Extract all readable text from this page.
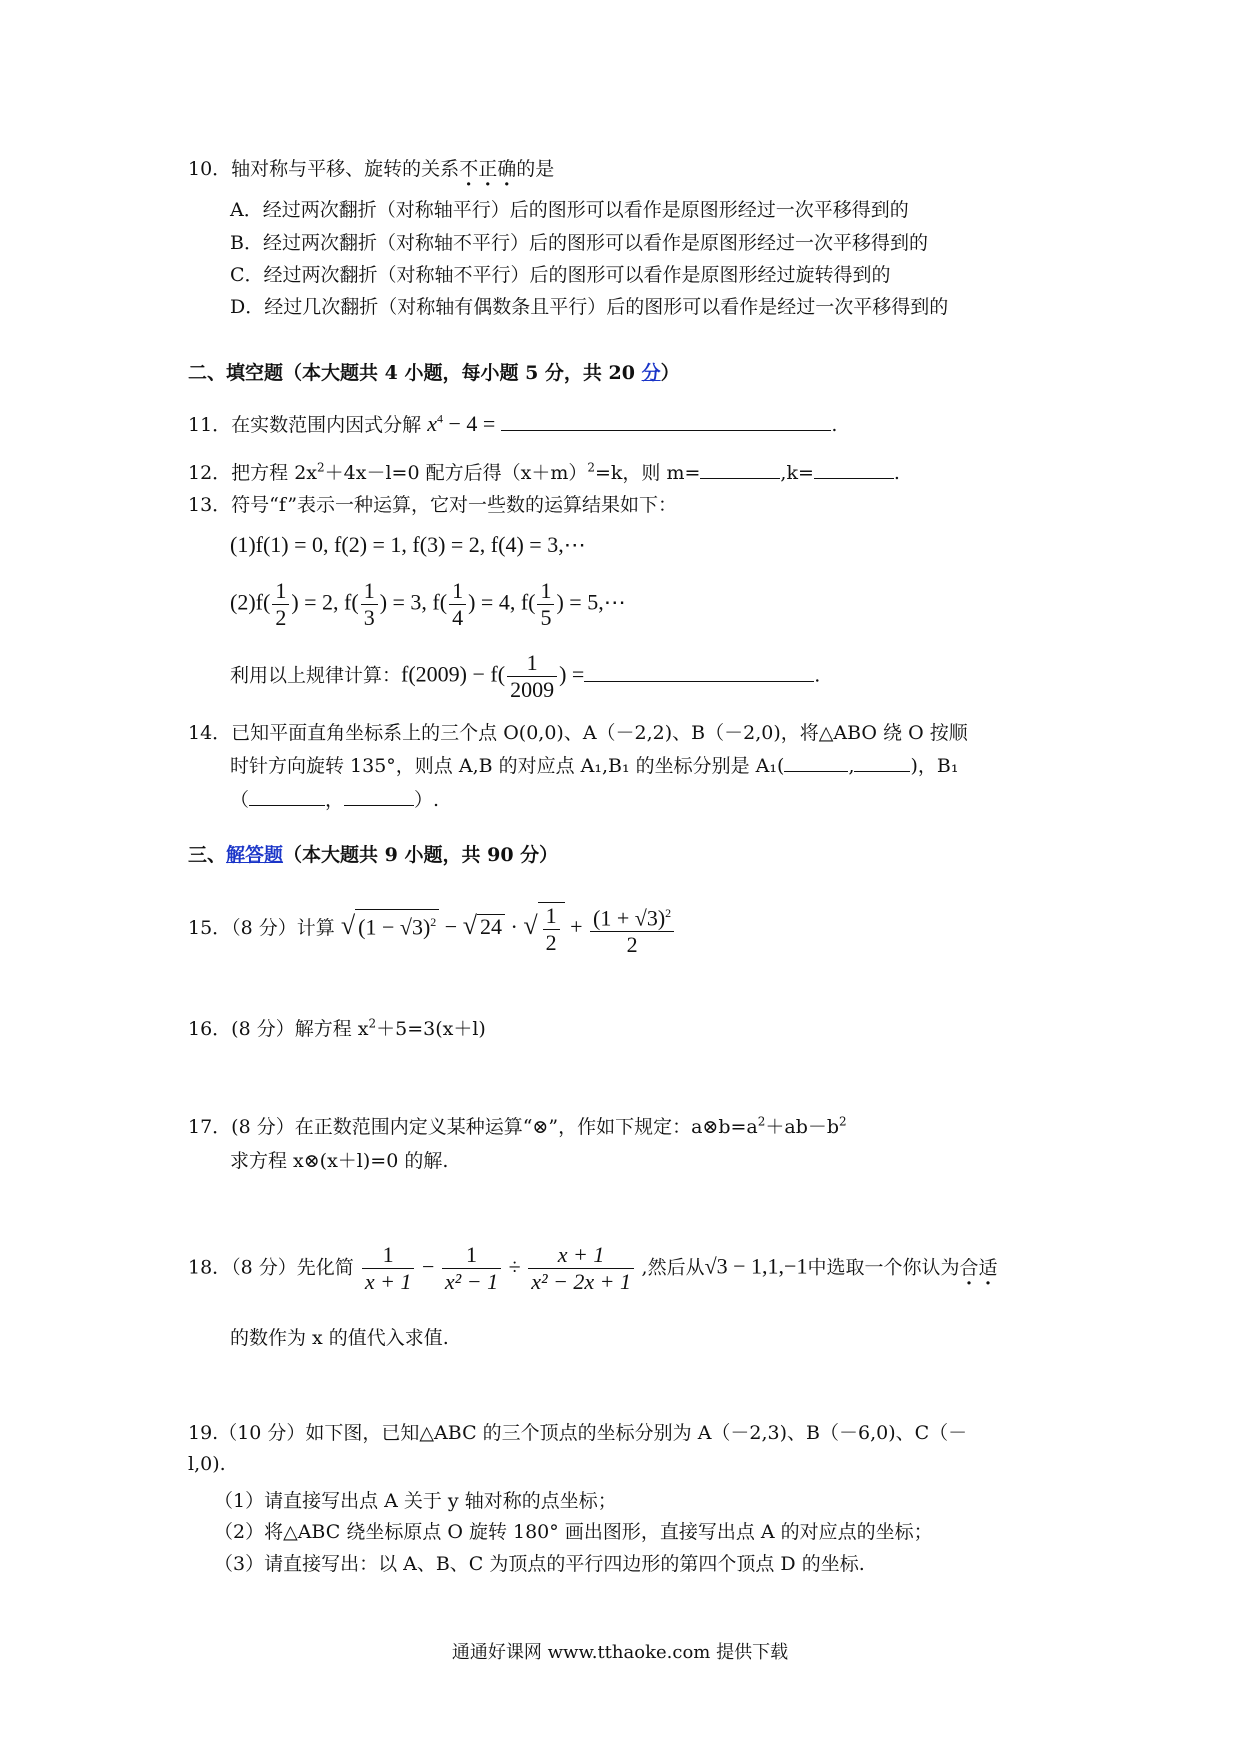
10．轴对称与平移、旋转的关系不正确的是
A．经过两次翻折（对称轴平行）后的图形可以看作是原图形经过一次平移得到的
B．经过两次翻折（对称轴不平行）后的图形可以看作是原图形经过一次平移得到的
C．经过两次翻折（对称轴不平行）后的图形可以看作是原图形经过旋转得到的
D．经过几次翻折（对称轴有偶数条且平行）后的图形可以看作是经过一次平移得到的
二、填空题（本大题共 4 小题，每小题 5 分，共 20 分）
11．在实数范围内因式分解 $x^4 - 4$ =	.
12．把方程 $2x^2+4x-l=0$ 配方后得$(x+m)^2=k$，则 m=	,k=	.
13．符号“f”表示一种运算，它对一些数的运算结果如下：
(1)f(1) = 0, f(2) = 1, f(3) = 2, f(4) = 3,⋯
$(2)f( \frac{1}{2}$ ) = 2, $f( \frac{1}{3}$ ) = 3, $f( \frac{1}{4}$ ) = 4, $f( \frac{1}{5}$ ) = 5,⋯
利用以上规律计算：$f(2009) - f( \frac{1}{2009}$ ) =	.
14．已知平面直角坐标系上的三个点 O(0,0)、A（－2,2)、B（－2,0)，将△ABO 绕 O 按顺
时针方向旋转 135°，则点 A,B 的对应点 A₁,B₁ 的坐标分别是 A₁(	,	)，B₁
（	，	）.
三、解答题（本大题共 9 小题，共 90 分）
15．（8 分）计算 √ $(1 - √3)^2$ − √ 24 · √ $\frac{1}{2} + \frac{(1 + √3)^2}{2}$
16．(8 分）解方程 $x^2+5=3(x+l)$
17．(8 分）在正数范围内定义某种运算“⊗”，作如下规定：$a\otimes b=a^2+ab-b^2$
求方程 x⊗(x＋l)=0 的解.
18．（8 分）先化简 $\frac{1}{x + 1} - \frac{1}{\text{x² − 1}} \div \frac{x + 1}{\text{x² − 2x + 1}}$ ,然后从√3 − 1,1,−1中选取一个你认为合适
的数作为 x 的值代入求值.
19.（10 分）如下图，已知△ABC 的三个顶点的坐标分别为 A（－2,3)、B（－6,0)、C（－
l,0).
（1）请直接写出点 A 关于 y 轴对称的点坐标；
（2）将△ABC 绕坐标原点 O 旋转 180° 画出图形，直接写出点 A 的对应点的坐标；
（3）请直接写出：以 A、B、C 为顶点的平行四边形的第四个顶点 D 的坐标.
通通好课网 www.tthaoke.com 提供下载
